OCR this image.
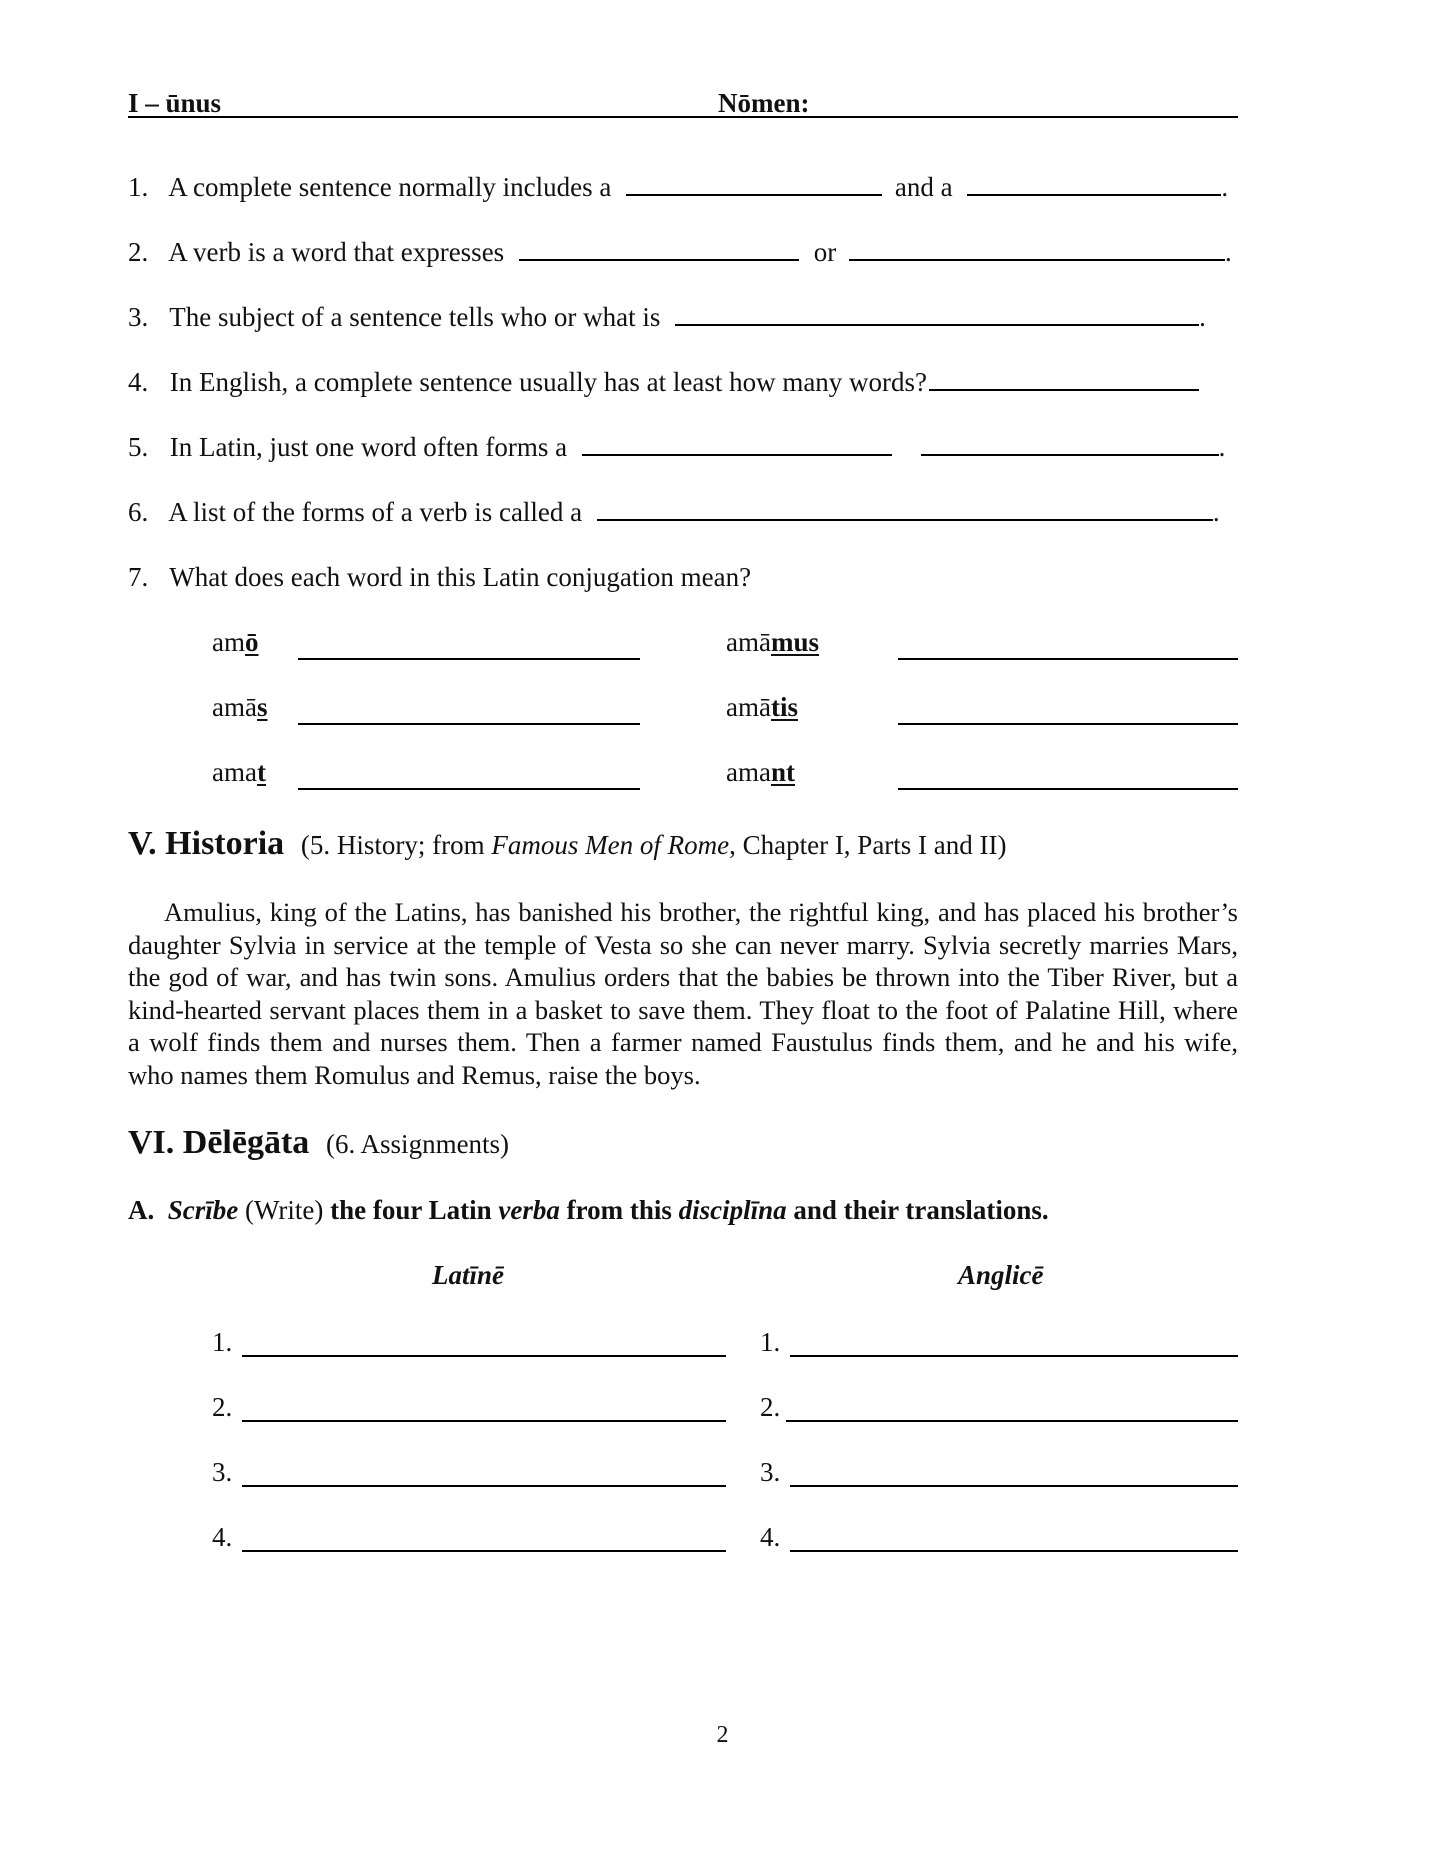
I – ūnus	Nōmen:
1. A complete sentence normally includes a	and a	.
2. A verb is a word that expresses	or	.
3. The subject of a sentence tells who or what is	.
4. In English, a complete sentence usually has at least how many words?
5. In Latin, just one word often forms a	.
6. A list of the forms of a verb is called a	.
7. What does each word in this Latin conjugation mean?
amō	amāmus
amās	amātis
amat	amant
V. Historia (5. History; from Famous Men of Rome, Chapter I, Parts I and II)
Amulius, king of the Latins, has banished his brother, the rightful king, and has placed his brother’s daughter Sylvia in service at the temple of Vesta so she can never marry. Sylvia secretly marries Mars, the god of war, and has twin sons. Amulius orders that the babies be thrown into the Tiber River, but a kind-hearted servant places them in a basket to save them. They float to the foot of Palatine Hill, where a wolf finds them and nurses them. Then a farmer named Faustulus finds them, and he and his wife, who names them Romulus and Remus, raise the boys.
VI. Dēlēgāta (6. Assignments)
A. Scrībe (Write) the four Latin verba from this disciplīna and their translations.
Latīnē	Anglicē
1.	1.
2.	2.
3.	3.
4.	4.
2
